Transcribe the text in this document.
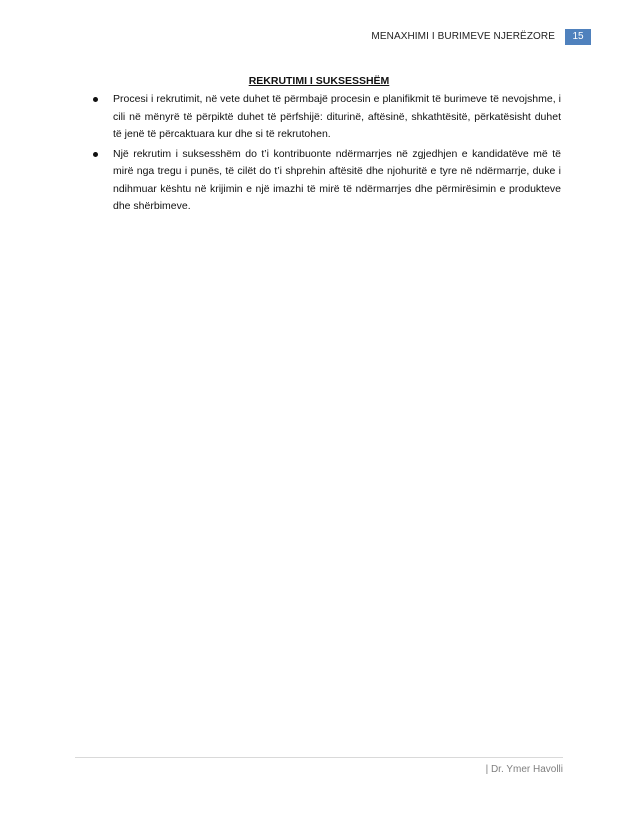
MENAXHIMI I BURIMEVE NJERËZORE	15
REKRUTIMI I SUKSESSHËM
Procesi i rekrutimit, në vete duhet të përmbajë procesin e planifikmit të burimeve të nevojshme, i cili në mënyrë të përpiktë duhet të përfshijë: diturinë, aftësinë, shkathtësitë, përkatësisht duhet të jenë të përcaktuara kur dhe si të rekrutohen.
Një rekrutim i suksesshëm do t’i kontribuonte ndërmarrjes në zgjedhjen e kandidatëve më të mirë nga tregu i punës, të cilët do t’i shprehin aftësitë dhe njohuritë e tyre në ndërmarrje, duke i ndihmuar kështu në krijimin e një imazhi të mirë të ndërmarrjes dhe përmirësimin e produkteve dhe shërbimeve.
| Dr. Ymer Havolli
